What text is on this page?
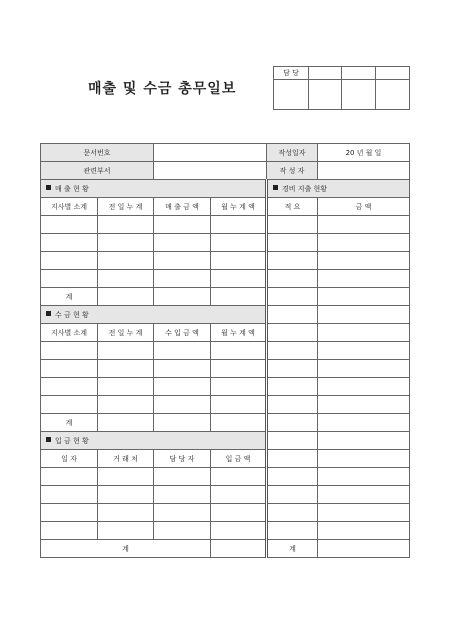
매출 및 수금 총무일보
담 당			

문서번호				작성일자	20 년 월 일
관련부서				작 성 자	
매 출 현 황				경비 지출 현황	
지사별 소계	전 일 누 계	매 출 금 액	월 누 계 액	적 요	금 액

계					
수 금 현 황					
지사별 소계	전 일 누 계	수 입 금 액	월 누 계 액		

계					
입 금 현 황					
일 자	거 래 처	담 당 자	입 금 액		

계				계	
